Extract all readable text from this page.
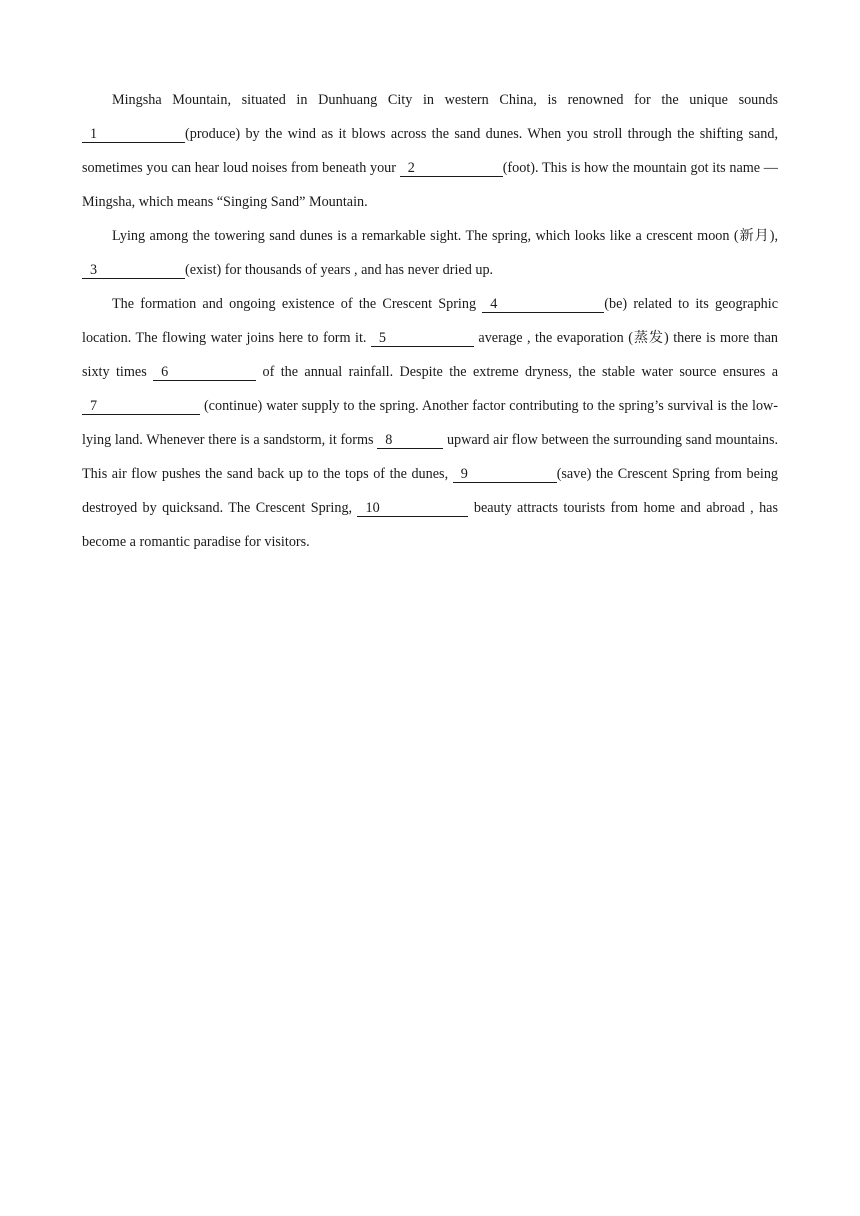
Mingsha Mountain, situated in Dunhuang City in western China, is renowned for the unique sounds 1	(produce) by the wind as it blows across the sand dunes. When you stroll through the shifting sand, sometimes you can hear loud noises from beneath your 2	(foot). This is how the mountain got its name — Mingsha, which means “Singing Sand” Mountain.

Lying among the towering sand dunes is a remarkable sight. The spring, which looks like a crescent moon (新月), 3	(exist) for thousands of years , and has never dried up.

The formation and ongoing existence of the Crescent Spring 4	(be) related to its geographic location. The flowing water joins here to form it. 5	average , the evaporation (蒸发) there is more than sixty times 6	of the annual rainfall. Despite the extreme dryness, the stable water source ensures a 7	(continue) water supply to the spring. Another factor contributing to the spring’s survival is the low-lying land. Whenever there is a sandstorm, it forms 8	upward air flow between the surrounding sand mountains. This air flow pushes the sand back up to the tops of the dunes, 9	(save) the Crescent Spring from being destroyed by quicksand. The Crescent Spring, 10	beauty attracts tourists from home and abroad , has become a romantic paradise for visitors.
